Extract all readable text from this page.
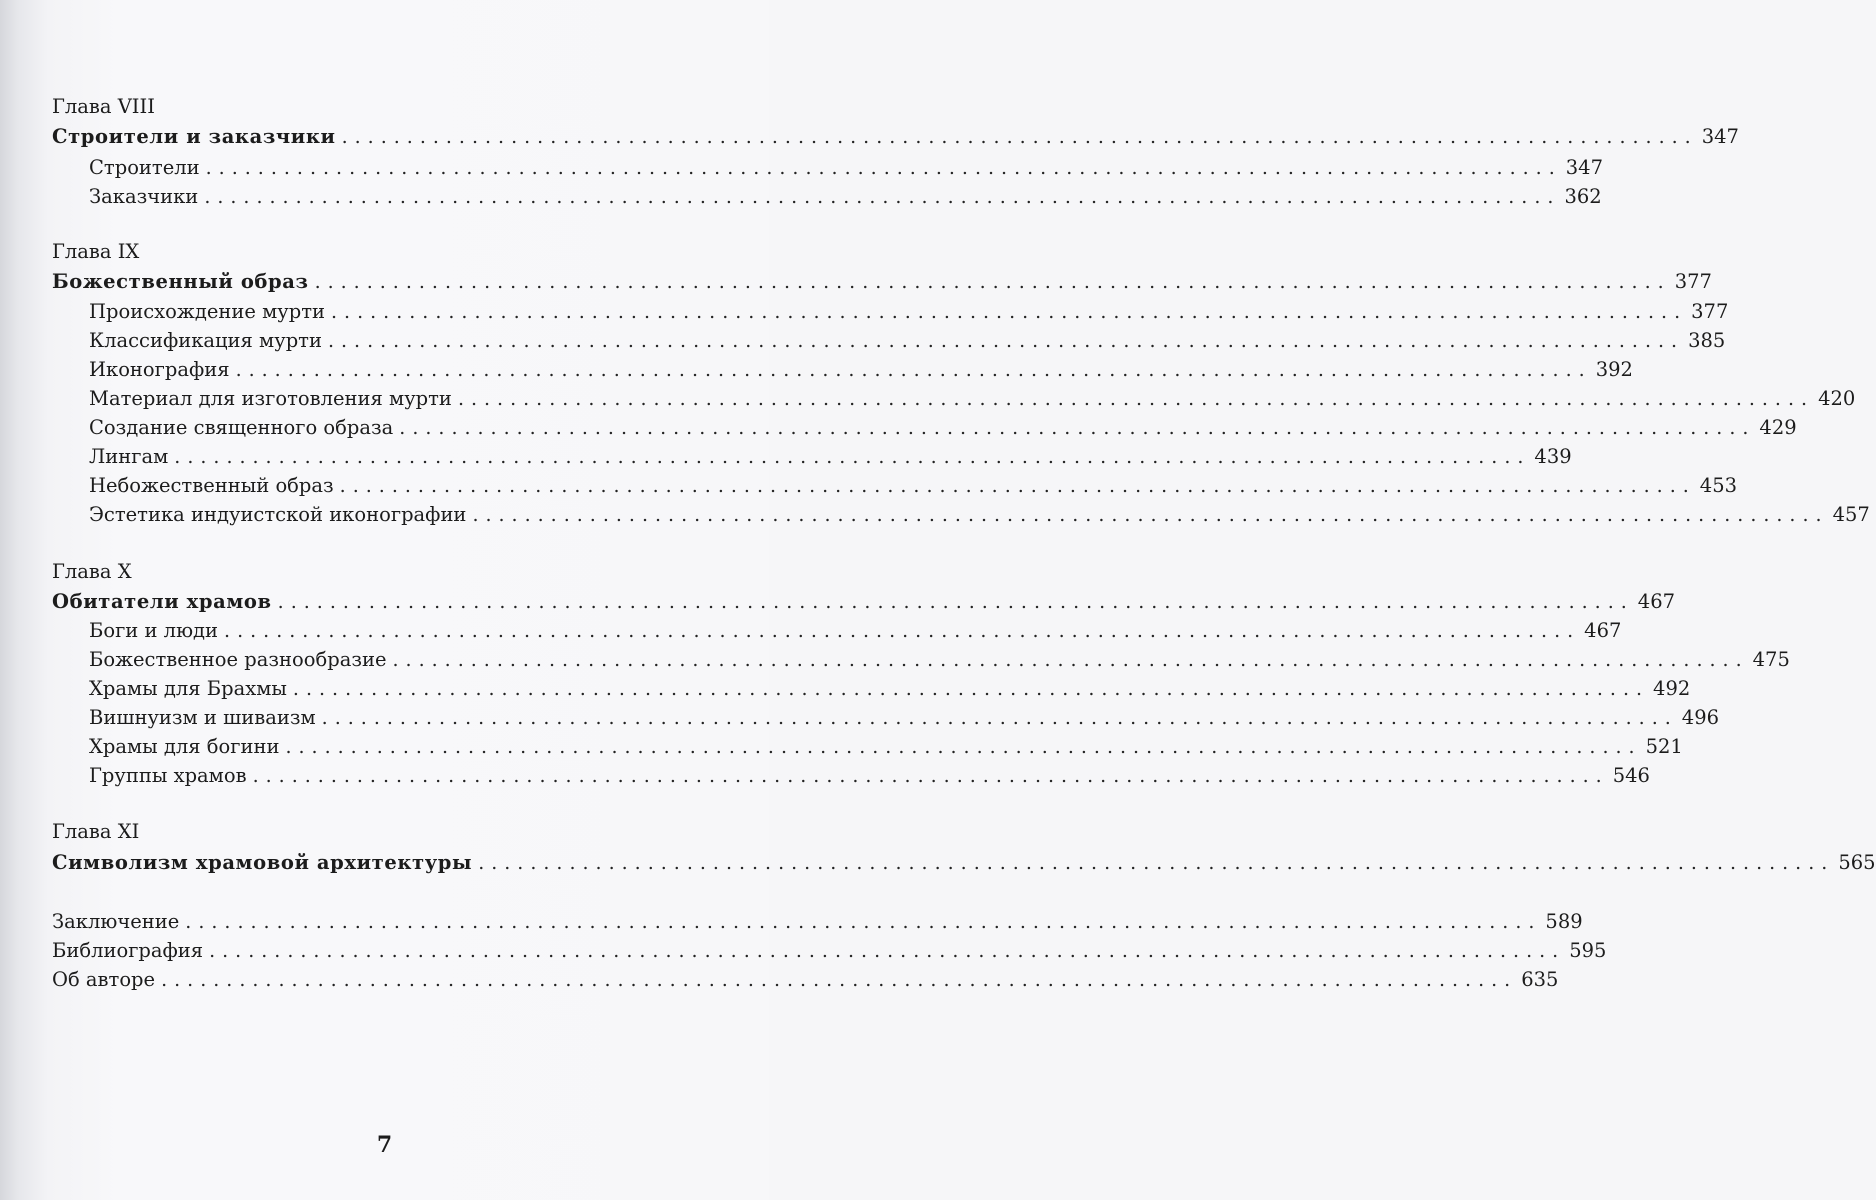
Глава VIII
Строители и заказчики ........................................................................................................ 347
Строители ........................................................................................................ 347
Заказчики ........................................................................................................ 362
Глава IX
Божественный образ ........................................................................................................ 377
Происхождение мурти ........................................................................................................ 377
Классификация мурти ........................................................................................................ 385
Иконография ........................................................................................................ 392
Материал для изготовления мурти ........................................................................................................ 420
Создание священного образа ........................................................................................................ 429
Лингам ........................................................................................................ 439
Небожественный образ ........................................................................................................ 453
Эстетика индуистской иконографии ........................................................................................................ 457
Глава X
Обитатели храмов ........................................................................................................ 467
Боги и люди ........................................................................................................ 467
Божественное разнообразие ........................................................................................................ 475
Храмы для Брахмы ........................................................................................................ 492
Вишнуизм и шиваизм ........................................................................................................ 496
Храмы для богини ........................................................................................................ 521
Группы храмов ........................................................................................................ 546
Глава XI
Символизм храмовой архитектуры ........................................................................................................ 565
Заключение ........................................................................................................ 589
Библиография ........................................................................................................ 595
Об авторе ........................................................................................................ 635
7
